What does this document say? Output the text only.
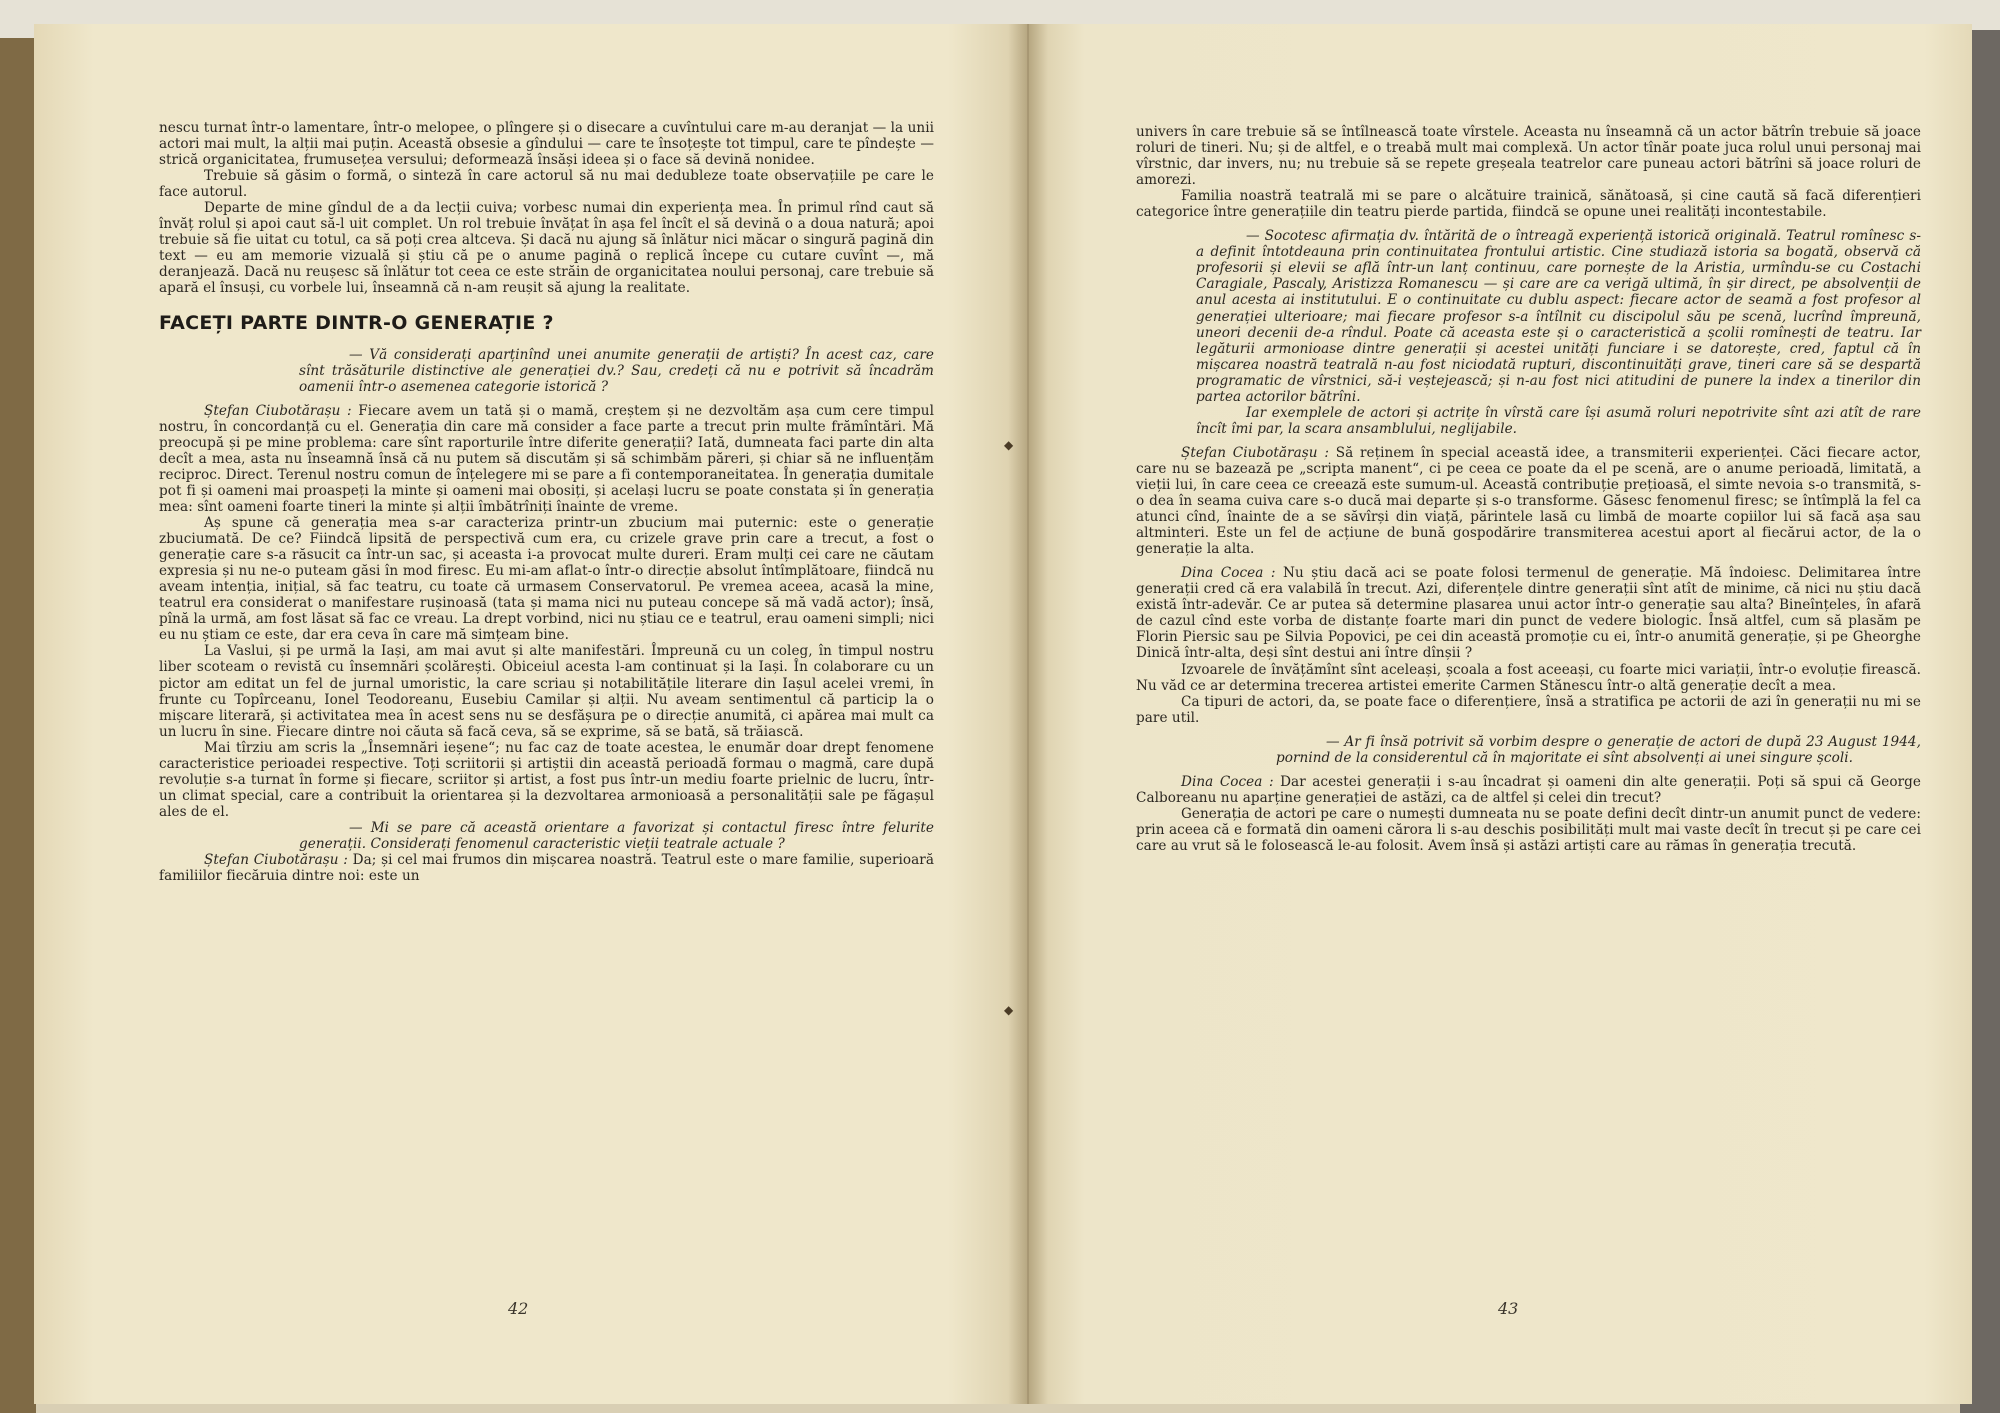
nescu turnat într-o lamentare, într-o melopee, o plîngere și o disecare a cuvîntului care m-au deranjat — la unii actori mai mult, la alții mai puțin. Această obsesie a gîndului — care te însoțește tot timpul, care te pîndește — strică organicitatea, frumusețea versului; deformează însăși ideea și o face să devină nonidee.

Trebuie să găsim o formă, o sinteză în care actorul să nu mai dedubleze toate observațiile pe care le face autorul.

Departe de mine gîndul de a da lecții cuiva; vorbesc numai din experiența mea. În primul rînd caut să învăț rolul și apoi caut să-l uit complet. Un rol trebuie învățat în așa fel încît el să devină o a doua natură; apoi trebuie să fie uitat cu totul, ca să poți crea altceva. Și dacă nu ajung să înlătur nici măcar o singură pagină din text — eu am memorie vizuală și știu că pe o anume pagină o replică începe cu cutare cuvînt —, mă deranjează. Dacă nu reușesc să înlătur tot ceea ce este străin de organicitatea noului personaj, care trebuie să apară el însuși, cu vorbele lui, înseamnă că n-am reușit să ajung la realitate.

FACEȚI PARTE DINTR-O GENERAȚIE ?

— Vă considerați aparținînd unei anumite generații de artiști? În acest caz, care sînt trăsăturile distinctive ale generației dv.? Sau, credeți că nu e potrivit să încadrăm oamenii într-o asemenea categorie istorică ?

Ștefan Ciubotărașu : Fiecare avem un tată și o mamă, creștem și ne dezvoltăm așa cum cere timpul nostru, în concordanță cu el. Generația din care mă consider a face parte a trecut prin multe frămîntări. Mă preocupă și pe mine problema: care sînt raporturile între diferite generații? Iată, dumneata faci parte din alta decît a mea, asta nu înseamnă însă că nu putem să discutăm și să schimbăm păreri, și chiar să ne influențăm reciproc. Direct. Terenul nostru comun de înțelegere mi se pare a fi contemporaneitatea. În generația dumitale pot fi și oameni mai proaspeți la minte și oameni mai obosiți, și același lucru se poate constata și în generația mea: sînt oameni foarte tineri la minte și alții îmbătrîniți înainte de vreme.

Aș spune că generația mea s-ar caracteriza printr-un zbucium mai puternic: este o generație zbuciumată. De ce? Fiindcă lipsită de perspectivă cum era, cu crizele grave prin care a trecut, a fost o generație care s-a răsucit ca într-un sac, și aceasta i-a provocat multe dureri. Eram mulți cei care ne căutam expresia și nu ne-o puteam găsi în mod firesc. Eu mi-am aflat-o într-o direcție absolut întîmplătoare, fiindcă nu aveam intenția, inițial, să fac teatru, cu toate că urmasem Conservatorul. Pe vremea aceea, acasă la mine, teatrul era considerat o manifestare rușinoasă (tata și mama nici nu puteau concepe să mă vadă actor); însă, pînă la urmă, am fost lăsat să fac ce vreau. La drept vorbind, nici nu știau ce e teatrul, erau oameni simpli; nici eu nu știam ce este, dar era ceva în care mă simțeam bine.

La Vaslui, și pe urmă la Iași, am mai avut și alte manifestări. Împreună cu un coleg, în timpul nostru liber scoteam o revistă cu însemnări școlărești. Obiceiul acesta l-am continuat și la Iași. În colaborare cu un pictor am editat un fel de jurnal umoristic, la care scriau și notabilitățile literare din Iașul acelei vremi, în frunte cu Topîrceanu, Ionel Teodoreanu, Eusebiu Camilar și alții. Nu aveam sentimentul că particip la o mișcare literară, și activitatea mea în acest sens nu se desfășura pe o direcție anumită, ci apărea mai mult ca un lucru în sine. Fiecare dintre noi căuta să facă ceva, să se exprime, să se bată, să trăiască.

Mai tîrziu am scris la „Însemnări ieșene“; nu fac caz de toate acestea, le enumăr doar drept fenomene caracteristice perioadei respective. Toți scriitorii și artiștii din această perioadă formau o magmă, care după revoluție s-a turnat în forme și fiecare, scriitor și artist, a fost pus într-un mediu foarte prielnic de lucru, într-un climat special, care a contribuit la orientarea și la dezvoltarea armonioasă a personalității sale pe făgașul ales de el.

— Mi se pare că această orientare a favorizat și contactul firesc între felurite generații. Considerați fenomenul caracteristic vieții teatrale actuale ?

Ștefan Ciubotărașu : Da; și cel mai frumos din mișcarea noastră. Teatrul este o mare familie, superioară familiilor fiecăruia dintre noi: este un

42

univers în care trebuie să se întîlnească toate vîrstele. Aceasta nu înseamnă că un actor bătrîn trebuie să joace roluri de tineri. Nu; și de altfel, e o treabă mult mai complexă. Un actor tînăr poate juca rolul unui personaj mai vîrstnic, dar invers, nu; nu trebuie să se repete greșeala teatrelor care puneau actori bătrîni să joace roluri de amorezi.

Familia noastră teatrală mi se pare o alcătuire trainică, sănătoasă, și cine caută să facă diferențieri categorice între generațiile din teatru pierde partida, fiindcă se opune unei realități incontestabile.

— Socotesc afirmația dv. întărită de o întreagă experiență istorică originală. Teatrul romînesc s-a definit întotdeauna prin continuitatea frontului artistic. Cine studiază istoria sa bogată, observă că profesorii și elevii se află într-un lanț continuu, care pornește de la Aristia, urmîndu-se cu Costachi Caragiale, Pascaly, Aristizza Romanescu — și care are ca verigă ultimă, în șir direct, pe absolvenții de anul acesta ai institutului. E o continuitate cu dublu aspect: fiecare actor de seamă a fost profesor al generației ulterioare; mai fiecare profesor s-a întîlnit cu discipolul său pe scenă, lucrînd împreună, uneori decenii de-a rîndul. Poate că aceasta este și o caracteristică a școlii romînești de teatru. Iar legăturii armonioase dintre generații și acestei unități funciare i se datorește, cred, faptul că în mișcarea noastră teatrală n-au fost niciodată rupturi, discontinuități grave, tineri care să se despartă programatic de vîrstnici, să-i veștejească; și n-au fost nici atitudini de punere la index a tinerilor din partea actorilor bătrîni.

Iar exemplele de actori și actrițe în vîrstă care își asumă roluri nepotrivite sînt azi atît de rare încît îmi par, la scara ansamblului, neglijabile.

Ștefan Ciubotărașu : Să reținem în special această idee, a transmiterii experienței. Căci fiecare actor, care nu se bazează pe „scripta manent“, ci pe ceea ce poate da el pe scenă, are o anume perioadă, limitată, a vieții lui, în care ceea ce creează este sumum-ul. Această contribuție prețioasă, el simte nevoia s-o transmită, s-o dea în seama cuiva care s-o ducă mai departe și s-o transforme. Găsesc fenomenul firesc; se întîmplă la fel ca atunci cînd, înainte de a se săvîrși din viață, părintele lasă cu limbă de moarte copiilor lui să facă așa sau altminteri. Este un fel de acțiune de bună gospodărire transmiterea acestui aport al fiecărui actor, de la o generație la alta.

Dina Cocea : Nu știu dacă aci se poate folosi termenul de generație. Mă îndoiesc. Delimitarea între generații cred că era valabilă în trecut. Azi, diferențele dintre generații sînt atît de minime, că nici nu știu dacă există într-adevăr. Ce ar putea să determine plasarea unui actor într-o generație sau alta? Bineînțeles, în afară de cazul cînd este vorba de distanțe foarte mari din punct de vedere biologic. Însă altfel, cum să plasăm pe Florin Piersic sau pe Silvia Popovici, pe cei din această promoție cu ei, într-o anumită generație, și pe Gheorghe Dinică într-alta, deși sînt destui ani între dînșii ?

Izvoarele de învățămînt sînt aceleași, școala a fost aceeași, cu foarte mici variații, într-o evoluție firească. Nu văd ce ar determina trecerea artistei emerite Carmen Stănescu într-o altă generație decît a mea.

Ca tipuri de actori, da, se poate face o diferențiere, însă a stratifica pe actorii de azi în generații nu mi se pare util.

— Ar fi însă potrivit să vorbim despre o generație de actori de după 23 August 1944, pornind de la considerentul că în majoritate ei sînt absolvenți ai unei singure școli.

Dina Cocea : Dar acestei generații i s-au încadrat și oameni din alte generații. Poți să spui că George Calboreanu nu aparține generației de astăzi, ca de altfel și celei din trecut?

Generația de actori pe care o numești dumneata nu se poate defini decît dintr-un anumit punct de vedere: prin aceea că e formată din oameni cărora li s-au deschis posibilități mult mai vaste decît în trecut și pe care cei care au vrut să le folosească le-au folosit. Avem însă și astăzi artiști care au rămas în generația trecută.

43
◆
◆
